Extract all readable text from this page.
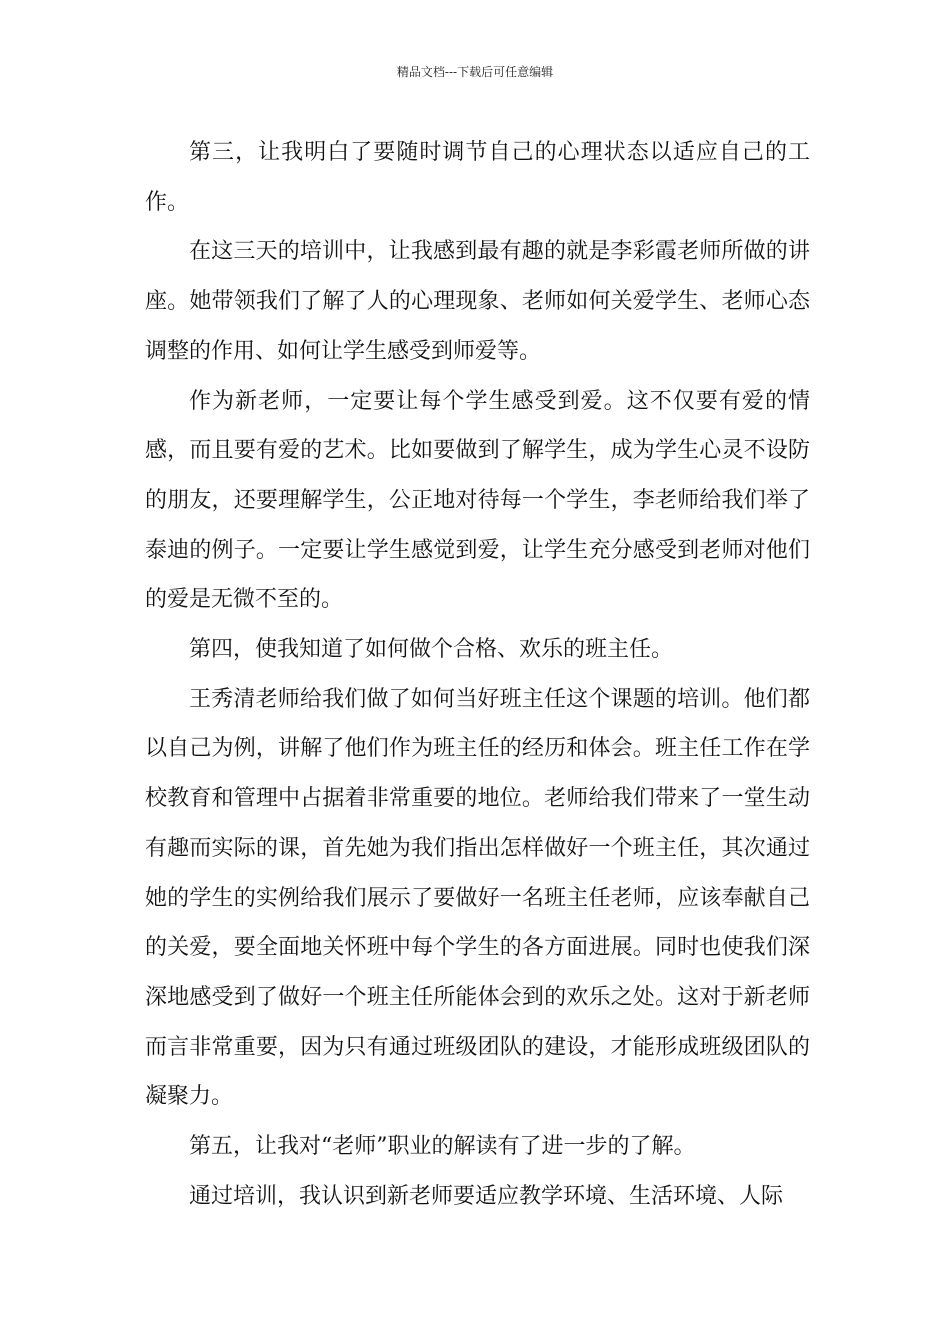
精品文档---下载后可任意编辑

第三，让我明白了要随时调节自己的心理状态以适应自己的工作。

在这三天的培训中，让我感到最有趣的就是李彩霞老师所做的讲座。她带领我们了解了人的心理现象、老师如何关爱学生、老师心态调整的作用、如何让学生感受到师爱等。

作为新老师，一定要让每个学生感受到爱。这不仅要有爱的情感，而且要有爱的艺术。比如要做到了解学生，成为学生心灵不设防的朋友，还要理解学生，公正地对待每一个学生，李老师给我们举了泰迪的例子。一定要让学生感觉到爱，让学生充分感受到老师对他们的爱是无微不至的。

第四，使我知道了如何做个合格、欢乐的班主任。

王秀清老师给我们做了如何当好班主任这个课题的培训。他们都以自己为例，讲解了他们作为班主任的经历和体会。班主任工作在学校教育和管理中占据着非常重要的地位。老师给我们带来了一堂生动有趣而实际的课，首先她为我们指出怎样做好一个班主任，其次通过她的学生的实例给我们展示了要做好一名班主任老师，应该奉献自己的关爱，要全面地关怀班中每个学生的各方面进展。同时也使我们深深地感受到了做好一个班主任所能体会到的欢乐之处。这对于新老师而言非常重要，因为只有通过班级团队的建设，才能形成班级团队的凝聚力。

第五，让我对“老师”职业的解读有了进一步的了解。

通过培训，我认识到新老师要适应教学环境、生活环境、人际
